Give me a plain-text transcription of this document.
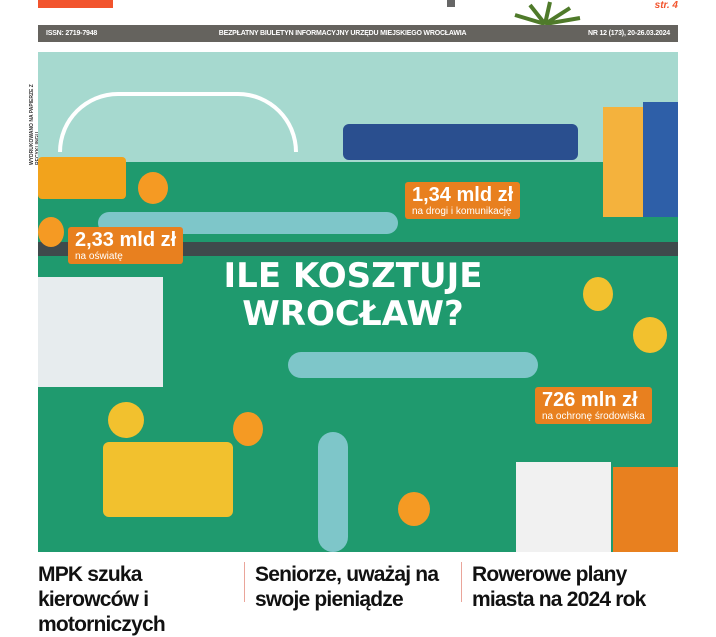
str. 4
ISSN: 2719-7948	BEZPŁATNY BIULETYN INFORMACYJNY URZĘDU MIEJSKIEGO WROCŁAWIA	NR 12 (173), 20-26.03.2024
WYDRUKOWANO NA PAPIERZE Z
2,33 mld zł
na oświatę
1,34 mld zł
na drogi i komunikację
726 mln zł
na ochronę środowiska
ILE KOSZTUJE WROCŁAW?
MPK szuka kierowców i motorniczych
Seniorze, uważaj na swoje pieniądze
Rowerowe plany miasta na 2024 rok
